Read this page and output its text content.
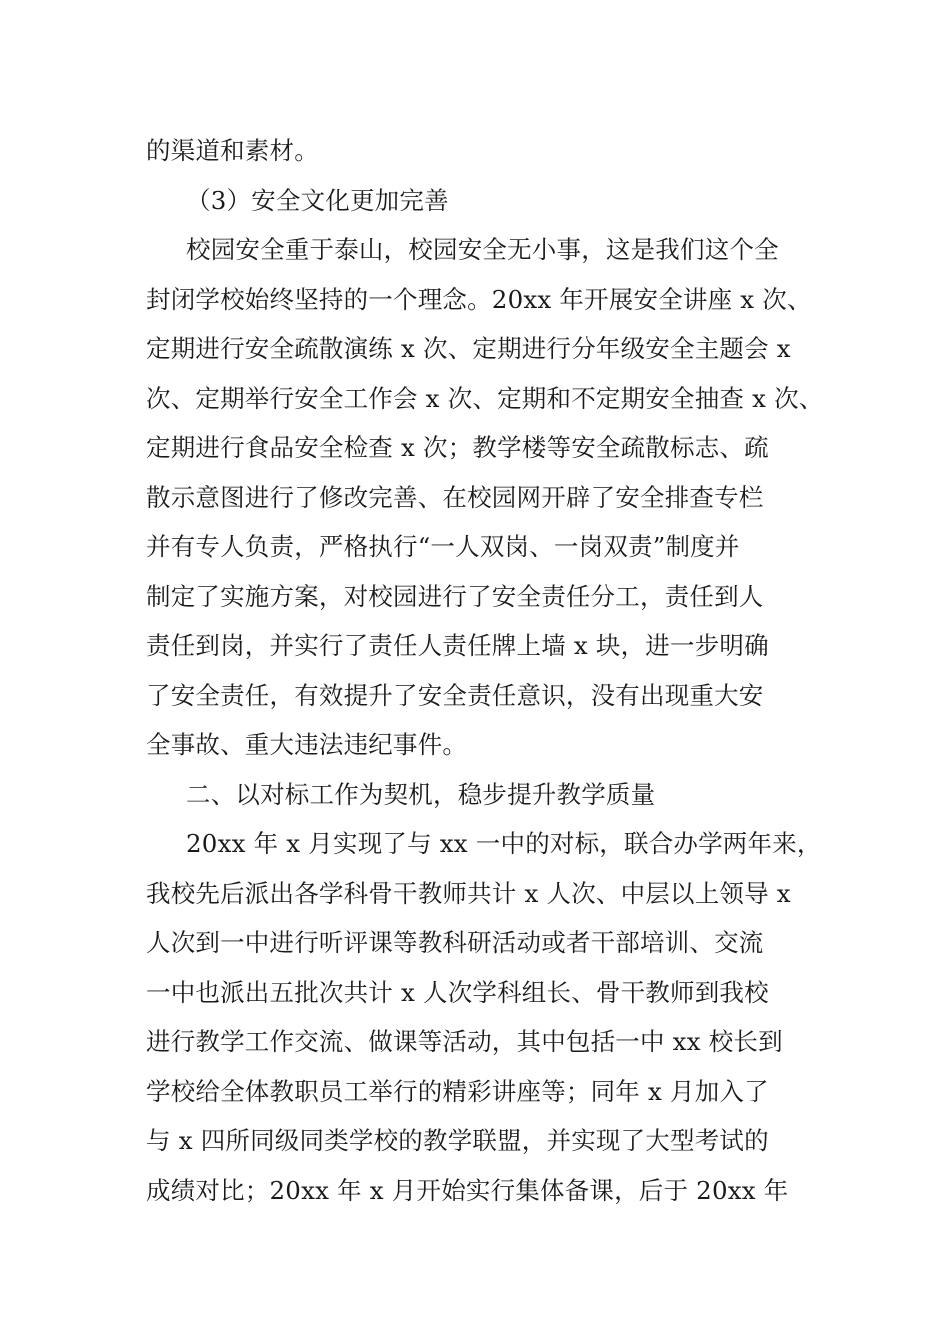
的渠道和素材。
（3）安全文化更加完善
校园安全重于泰山，校园安全无小事，这是我们这个全
封闭学校始终坚持的一个理念。20xx 年开展安全讲座 x 次、
定期进行安全疏散演练 x 次、定期进行分年级安全主题会 x
次、定期举行安全工作会 x 次、定期和不定期安全抽查 x 次、
定期进行食品安全检查 x 次；教学楼等安全疏散标志、疏
散示意图进行了修改完善、在校园网开辟了安全排查专栏
并有专人负责，严格执行“一人双岗、一岗双责”制度并
制定了实施方案，对校园进行了安全责任分工，责任到人
责任到岗，并实行了责任人责任牌上墙 x 块，进一步明确
了安全责任，有效提升了安全责任意识，没有出现重大安
全事故、重大违法违纪事件。
二、以对标工作为契机，稳步提升教学质量
20xx 年 x 月实现了与 xx 一中的对标，联合办学两年来，
我校先后派出各学科骨干教师共计 x 人次、中层以上领导 x
人次到一中进行听评课等教科研活动或者干部培训、交流
一中也派出五批次共计 x 人次学科组长、骨干教师到我校
进行教学工作交流、做课等活动，其中包括一中 xx 校长到
学校给全体教职员工举行的精彩讲座等；同年 x 月加入了
与 x 四所同级同类学校的教学联盟，并实现了大型考试的
成绩对比；20xx 年 x 月开始实行集体备课，后于 20xx 年
